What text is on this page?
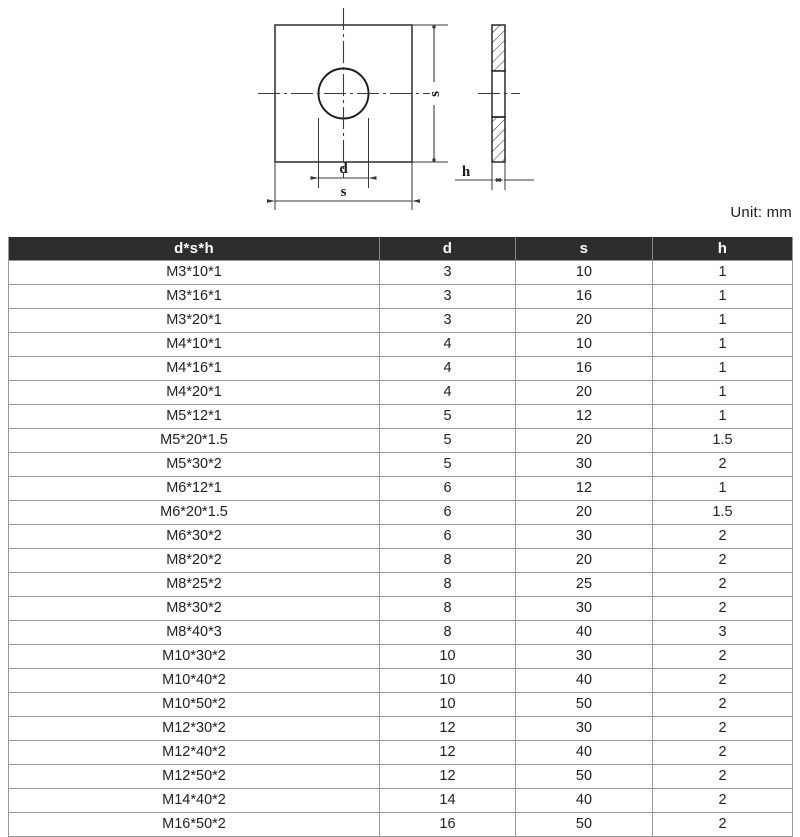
s
d
s
h
Unit: mm
d*s*h	d	s	h
M3*10*1	3	10	1
M3*16*1	3	16	1
M3*20*1	3	20	1
M4*10*1	4	10	1
M4*16*1	4	16	1
M4*20*1	4	20	1
M5*12*1	5	12	1
M5*20*1.5	5	20	1.5
M5*30*2	5	30	2
M6*12*1	6	12	1
M6*20*1.5	6	20	1.5
M6*30*2	6	30	2
M8*20*2	8	20	2
M8*25*2	8	25	2
M8*30*2	8	30	2
M8*40*3	8	40	3
M10*30*2	10	30	2
M10*40*2	10	40	2
M10*50*2	10	50	2
M12*30*2	12	30	2
M12*40*2	12	40	2
M12*50*2	12	50	2
M14*40*2	14	40	2
M16*50*2	16	50	2
